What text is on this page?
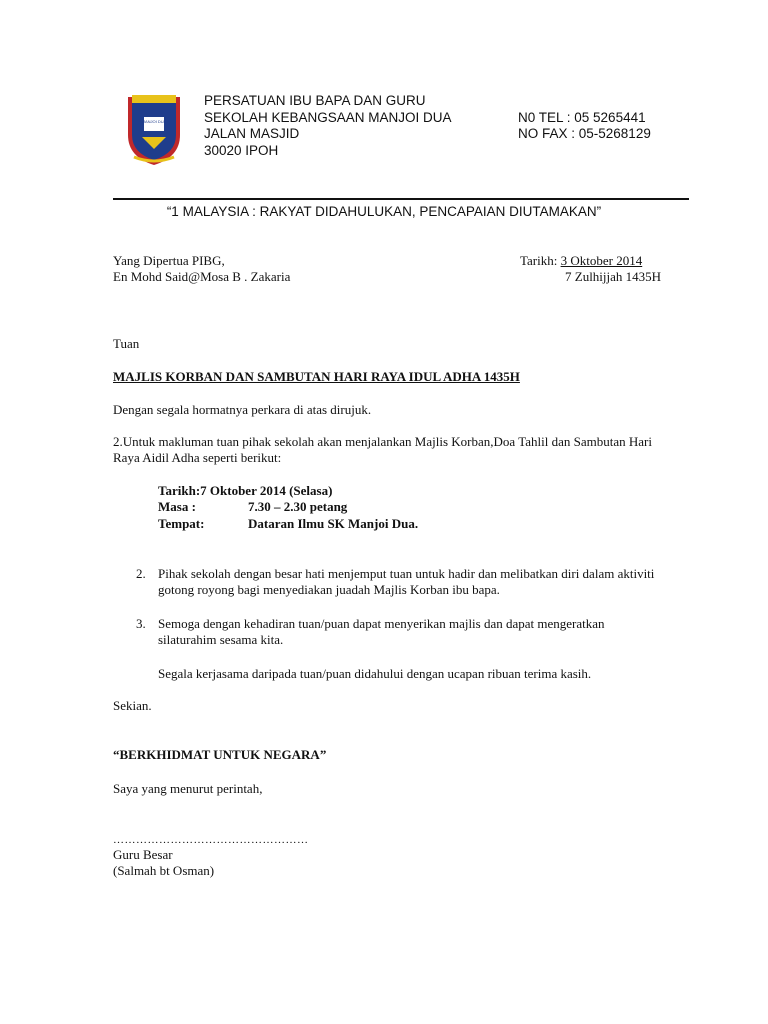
MANJOI DUA
PERSATUAN IBU BAPA DAN GURU
SEKOLAH KEBANGSAAN MANJOI DUA
JALAN MASJID
30020 IPOH
N0 TEL : 05 5265441
NO FAX : 05-5268129
“1 MALAYSIA : RAKYAT DIDAHULUKAN, PENCAPAIAN DIUTAMAKAN”
Yang Dipertua PIBG,
En Mohd Said@Mosa B . Zakaria
Tarikh: 3 Oktober 2014
7 Zulhijjah 1435H
Tuan
MAJLIS KORBAN DAN SAMBUTAN HARI RAYA IDUL ADHA 1435H
Dengan segala hormatnya perkara di atas dirujuk.
2.Untuk makluman tuan pihak sekolah akan menjalankan Majlis Korban,Doa Tahlil dan Sambutan Hari
Raya Aidil Adha seperti berikut:
Tarikh:7 Oktober 2014 (Selasa)
Masa :	7.30 – 2.30 petang
Tempat:	Dataran Ilmu SK Manjoi Dua.
2. Pihak sekolah dengan besar hati menjemput tuan untuk hadir dan melibatkan diri dalam aktiviti
gotong royong bagi menyediakan juadah Majlis Korban ibu bapa.
3. Semoga dengan kehadiran tuan/puan dapat menyerikan majlis dan dapat mengeratkan
silaturahim sesama kita.
Segala kerjasama daripada tuan/puan didahului dengan ucapan ribuan terima kasih.
Sekian.
“BERKHIDMAT UNTUK NEGARA”
Saya yang menurut perintah,
……………………………………………
Guru Besar
(Salmah bt Osman)
